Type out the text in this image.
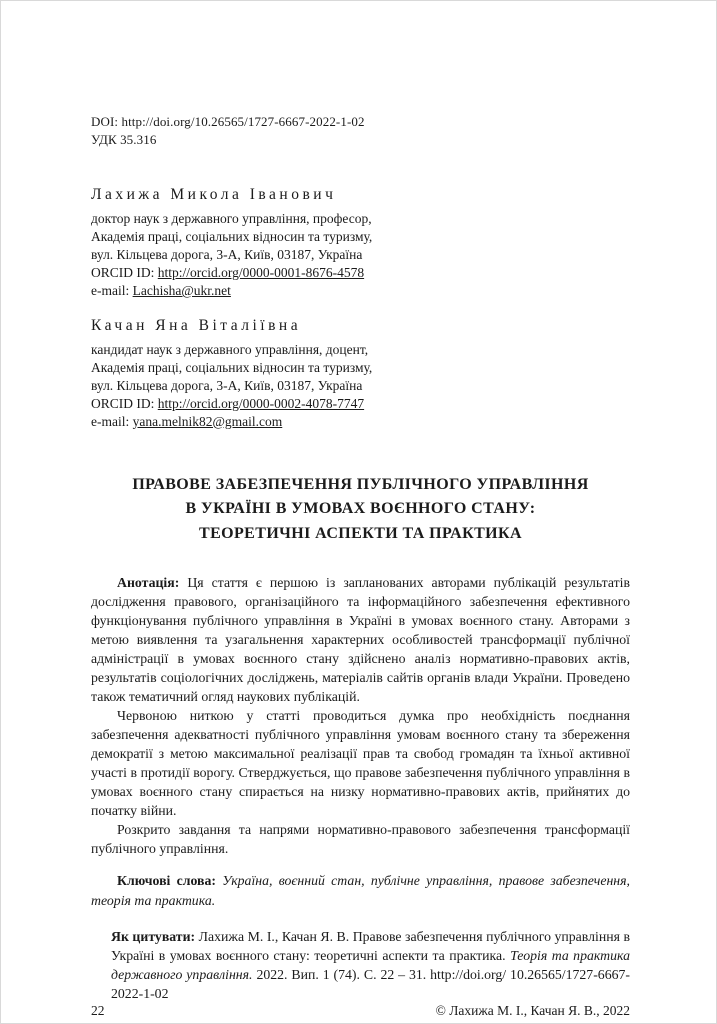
DOI: http://doi.org/10.26565/1727-6667-2022-1-02
УДК 35.316
Лахижа Микола Іванович
доктор наук з державного управління, професор,
Академія праці, соціальних відносин та туризму,
вул. Кільцева дорога, 3-А, Київ, 03187, Україна
ORCID ID: http://orcid.org/0000-0001-8676-4578
e-mail: Lachisha@ukr.net
Качан Яна Віталіївна
кандидат наук з державного управління, доцент,
Академія праці, соціальних відносин та туризму,
вул. Кільцева дорога, 3-А, Київ, 03187, Україна
ORCID ID: http://orcid.org/0000-0002-4078-7747
e-mail: yana.melnik82@gmail.com
ПРАВОВЕ ЗАБЕЗПЕЧЕННЯ ПУБЛІЧНОГО УПРАВЛІННЯ
В УКРАЇНІ В УМОВАХ ВОЄННОГО СТАНУ:
ТЕОРЕТИЧНІ АСПЕКТИ ТА ПРАКТИКА

Анотація: Ця стаття є першою із запланованих авторами публікацій результатів дослідження правового, організаційного та інформаційного забезпечення ефективного функціонування публічного управління в Україні в умовах воєнного стану. Авторами з метою виявлення та узагальнення характерних особливостей трансформації публічної адміністрації в умовах воєнного стану здійснено аналіз нормативно-правових актів, результатів соціологічних досліджень, матеріалів сайтів органів влади України. Проведено також тематичний огляд наукових публікацій.

Червоною ниткою у статті проводиться думка про необхідність поєднання забезпечення адекватності публічного управління умовам воєнного стану та збереження демократії з метою максимальної реалізації прав та свобод громадян та їхньої активної участі в протидії ворогу. Стверджується, що правове забезпечення публічного управління в умовах воєнного стану спирається на низку нормативно-правових актів, прийнятих до початку війни.

Розкрито завдання та напрями нормативно-правового забезпечення трансформації публічного управління.

Ключові слова: Україна, воєнний стан, публічне управління, правове забезпечення, теорія та практика.

Як цитувати: Лахижа М. І., Качан Я. В. Правове забезпечення публічного управління в Україні в умовах воєнного стану: теоретичні аспекти та практика. Теорія та практика державного управління. 2022. Вип. 1 (74). С. 22 – 31. http://doi.org/ 10.26565/1727-6667-2022-1-02

22	© Лахижа М. І., Качан Я. В., 2022
